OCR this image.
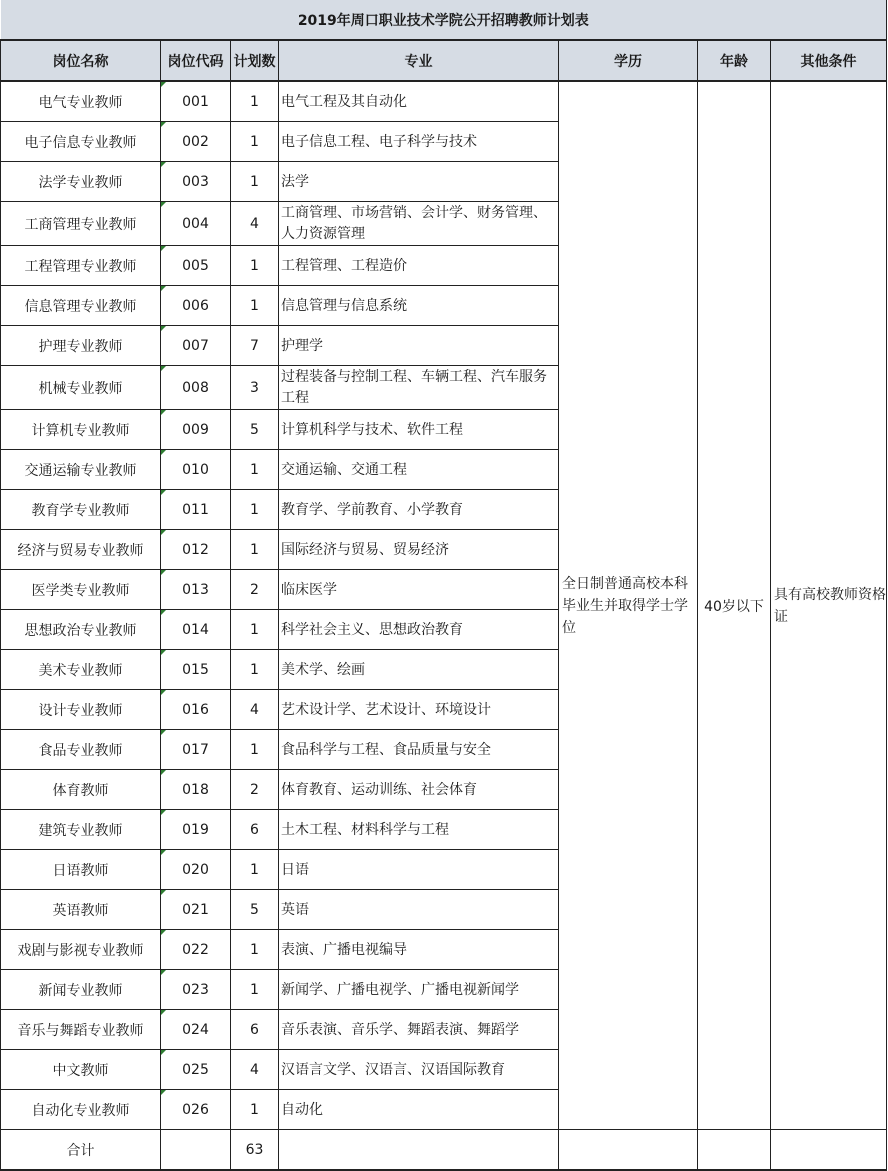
2019年周口职业技术学院公开招聘教师计划表						
岗位名称	岗位代码	计划数	专业	学历	年龄	其他条件
电气专业教师	001	1	电气工程及其自动化	全日制普通高校本科毕业生并取得学士学位	40岁以下	具有高校教师资格证
电子信息专业教师	002	1	电子信息工程、电子科学与技术			
法学专业教师	003	1	法学			
工商管理专业教师	004	4	工商管理、市场营销、会计学、财务管理、人力资源管理			
工程管理专业教师	005	1	工程管理、工程造价			
信息管理专业教师	006	1	信息管理与信息系统			
护理专业教师	007	7	护理学			
机械专业教师	008	3	过程装备与控制工程、车辆工程、汽车服务工程			
计算机专业教师	009	5	计算机科学与技术、软件工程			
交通运输专业教师	010	1	交通运输、交通工程			
教育学专业教师	011	1	教育学、学前教育、小学教育			
经济与贸易专业教师	012	1	国际经济与贸易、贸易经济			
医学类专业教师	013	2	临床医学			
思想政治专业教师	014	1	科学社会主义、思想政治教育			
美术专业教师	015	1	美术学、绘画			
设计专业教师	016	4	艺术设计学、艺术设计、环境设计			
食品专业教师	017	1	食品科学与工程、食品质量与安全			
体育教师	018	2	体育教育、运动训练、社会体育			
建筑专业教师	019	6	土木工程、材料科学与工程			
日语教师	020	1	日语			
英语教师	021	5	英语			
戏剧与影视专业教师	022	1	表演、广播电视编导			
新闻专业教师	023	1	新闻学、广播电视学、广播电视新闻学			
音乐与舞蹈专业教师	024	6	音乐表演、音乐学、舞蹈表演、舞蹈学			
中文教师	025	4	汉语言文学、汉语言、汉语国际教育			
自动化专业教师	026	1	自动化			
合计		63				
